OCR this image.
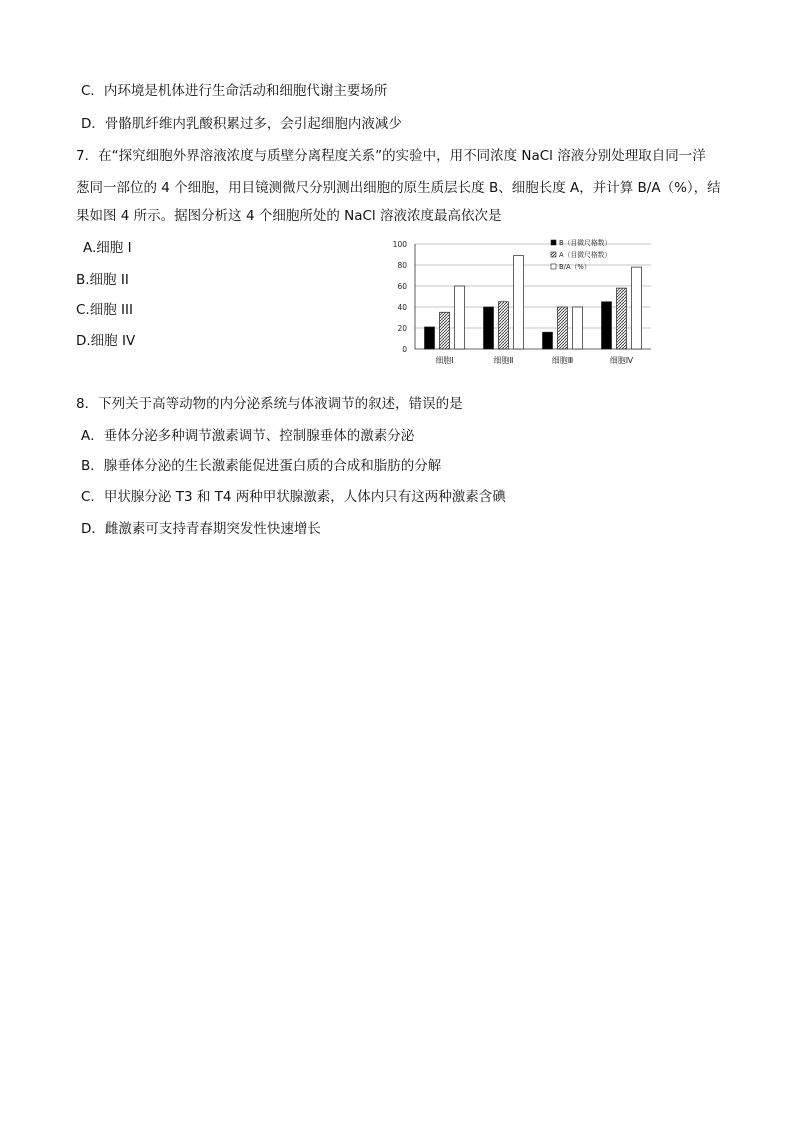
C．内环境是机体进行生命活动和细胞代谢主要场所
D．骨骼肌纤维内乳酸积累过多，会引起细胞内液减少
7．在“探究细胞外界溶液浓度与质壁分离程度关系”的实验中，用不同浓度 NaCl 溶液分别处理取自同一洋
葱同一部位的 4 个细胞，用目镜测微尺分别测出细胞的原生质层长度 B、细胞长度 A，并计算 B/A（%），结
果如图 4 所示。据图分析这 4 个细胞所处的 NaCl 溶液浓度最高依次是
A.细胞 I
B.细胞 II
C.细胞 III
D.细胞 IV
0
20
40
60
80
100
细胞Ⅰ	细胞Ⅱ	细胞Ⅲ	细胞Ⅳ
B（目微尺格数）
A（目微尺格数）
B/A（%）
8．下列关于高等动物的内分泌系统与体液调节的叙述，错误的是
A．垂体分泌多种调节激素调节、控制腺垂体的激素分泌
B．腺垂体分泌的生长激素能促进蛋白质的合成和脂肪的分解
C．甲状腺分泌 T3 和 T4 两种甲状腺激素，人体内只有这两种激素含碘
D．雌激素可支持青春期突发性快速增长
